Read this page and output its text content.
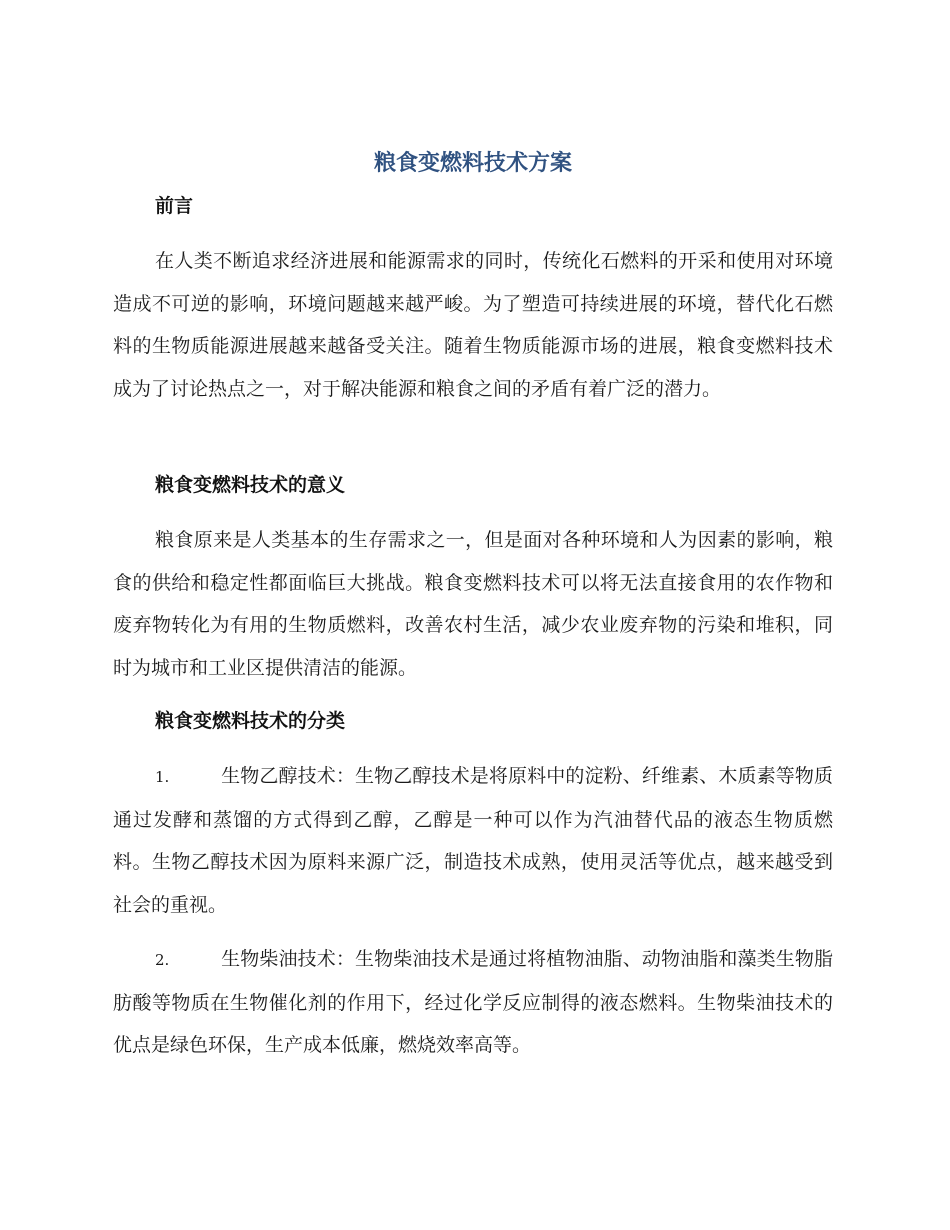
粮食变燃料技术方案
前言

在人类不断追求经济进展和能源需求的同时，传统化石燃料的开采和使用对环境造成不可逆的影响，环境问题越来越严峻。为了塑造可持续进展的环境，替代化石燃料的生物质能源进展越来越备受关注。随着生物质能源市场的进展，粮食变燃料技术成为了讨论热点之一，对于解决能源和粮食之间的矛盾有着广泛的潜力。

粮食变燃料技术的意义

粮食原来是人类基本的生存需求之一，但是面对各种环境和人为因素的影响，粮食的供给和稳定性都面临巨大挑战。粮食变燃料技术可以将无法直接食用的农作物和废弃物转化为有用的生物质燃料，改善农村生活，减少农业废弃物的污染和堆积，同时为城市和工业区提供清洁的能源。

粮食变燃料技术的分类

1.	生物乙醇技术：生物乙醇技术是将原料中的淀粉、纤维素、木质素等物质通过发酵和蒸馏的方式得到乙醇，乙醇是一种可以作为汽油替代品的液态生物质燃料。生物乙醇技术因为原料来源广泛，制造技术成熟，使用灵活等优点，越来越受到社会的重视。

2.	生物柴油技术：生物柴油技术是通过将植物油脂、动物油脂和藻类生物脂肪酸等物质在生物催化剂的作用下，经过化学反应制得的液态燃料。生物柴油技术的优点是绿色环保，生产成本低廉，燃烧效率高等。
